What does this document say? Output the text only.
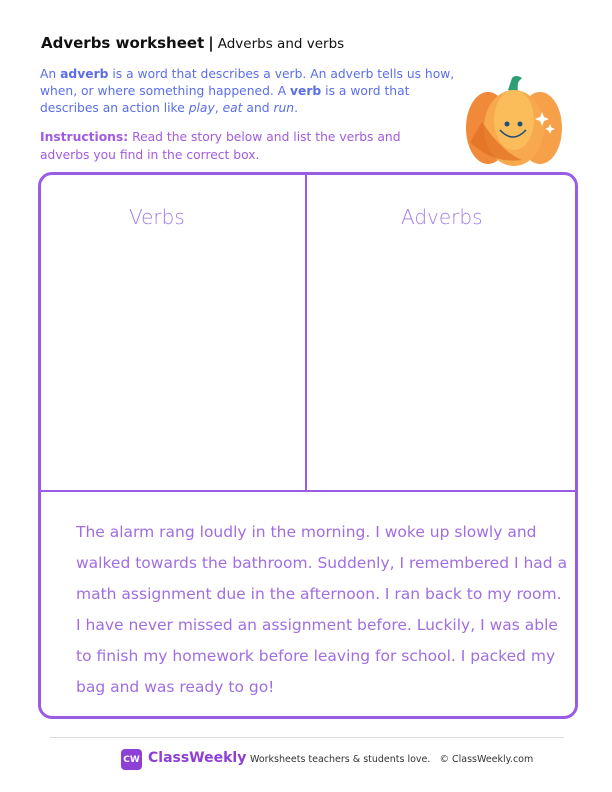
Adverbs worksheet | Adverbs and verbs
An adverb is a word that describes a verb. An adverb tells us how, when, or where something happened. A verb is a word that describes an action like play, eat and run.
Instructions: Read the story below and list the verbs and adverbs you find in the correct box.
Verbs	Adverbs
The alarm rang loudly in the morning. I woke up slowly and
walked towards the bathroom. Suddenly, I remembered I had a
math assignment due in the afternoon. I ran back to my room.
I have never missed an assignment before. Luckily, I was able
to finish my homework before leaving for school. I packed my
bag and was ready to go!
CW ClassWeekly Worksheets teachers & students love. © ClassWeekly.com
